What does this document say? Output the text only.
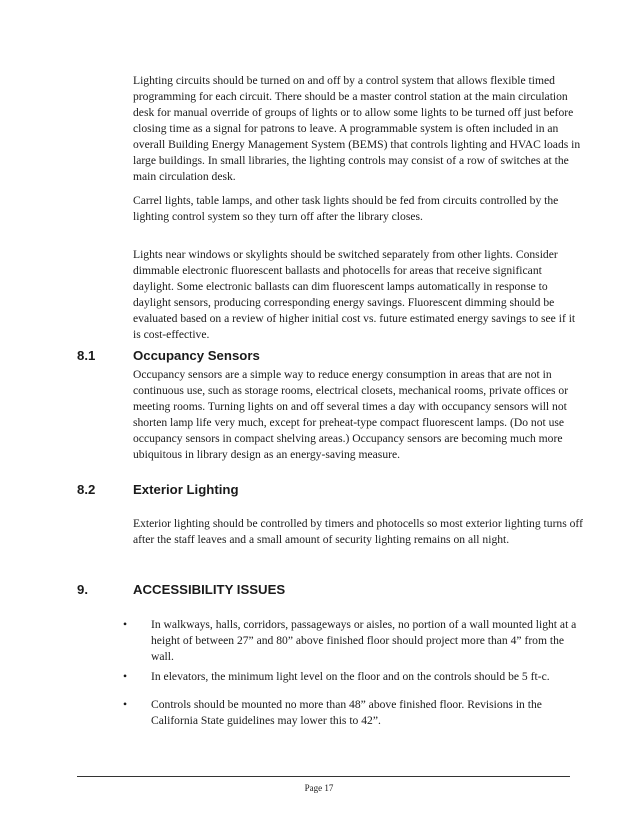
Lighting circuits should be turned on and off by a control system that allows flexible timed programming for each circuit. There should be a master control station at the main circulation desk for manual override of groups of lights or to allow some lights to be turned off just before closing time as a signal for patrons to leave. A programmable system is often included in an overall Building Energy Management System (BEMS) that controls lighting and HVAC loads in large buildings. In small libraries, the lighting controls may consist of a row of switches at the main circulation desk.

Carrel lights, table lamps, and other task lights should be fed from circuits controlled by the lighting control system so they turn off after the library closes.

Lights near windows or skylights should be switched separately from other lights. Consider dimmable electronic fluorescent ballasts and photocells for areas that receive significant daylight. Some electronic ballasts can dim fluorescent lamps automatically in response to daylight sensors, producing corresponding energy savings. Fluorescent dimming should be evaluated based on a review of higher initial cost vs. future estimated energy savings to see if it is cost-effective.

8.1	Occupancy Sensors

Occupancy sensors are a simple way to reduce energy consumption in areas that are not in continuous use, such as storage rooms, electrical closets, mechanical rooms, private offices or meeting rooms. Turning lights on and off several times a day with occupancy sensors will not shorten lamp life very much, except for preheat-type compact fluorescent lamps. (Do not use occupancy sensors in compact shelving areas.) Occupancy sensors are becoming much more ubiquitous in library design as an energy-saving measure.

8.2	Exterior Lighting

Exterior lighting should be controlled by timers and photocells so most exterior lighting turns off after the staff leaves and a small amount of security lighting remains on all night.

9.	ACCESSIBILITY ISSUES
• In walkways, halls, corridors, passageways or aisles, no portion of a wall mounted light at a height of between 27” and 80” above finished floor should project more than 4” from the wall.

• In elevators, the minimum light level on the floor and on the controls should be 5 ft-c.

• Controls should be mounted no more than 48” above finished floor. Revisions in the California State guidelines may lower this to 42”.

Page 17
